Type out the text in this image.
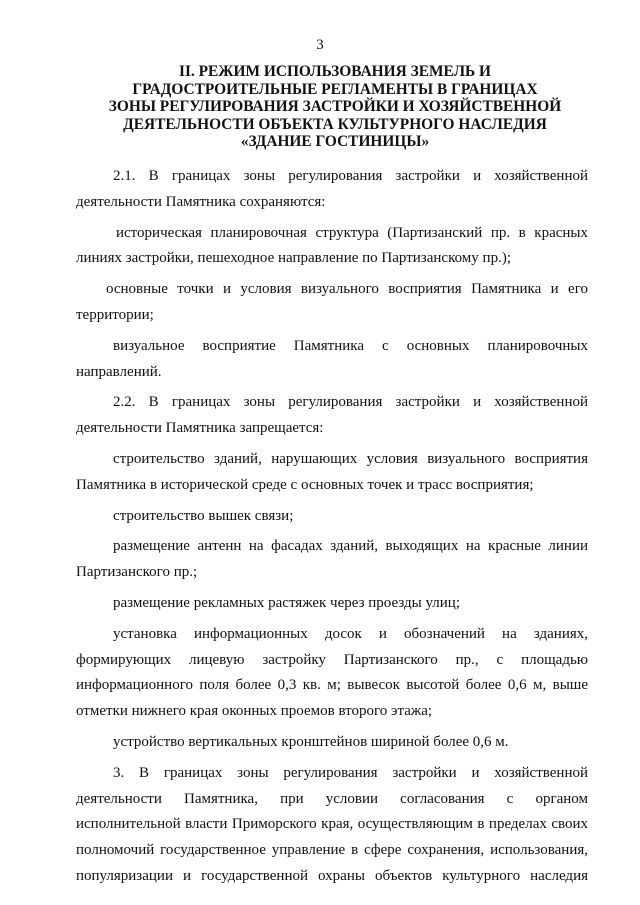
3
II. РЕЖИМ ИСПОЛЬЗОВАНИЯ ЗЕМЕЛЬ И
ГРАДОСТРОИТЕЛЬНЫЕ РЕГЛАМЕНТЫ В ГРАНИЦАХ
ЗОНЫ РЕГУЛИРОВАНИЯ ЗАСТРОЙКИ И ХОЗЯЙСТВЕННОЙ
ДЕЯТЕЛЬНОСТИ ОБЪЕКТА КУЛЬТУРНОГО НАСЛЕДИЯ
«ЗДАНИЕ ГОСТИНИЦЫ»
2.1. В границах зоны регулирования застройки и хозяйственной
деятельности Памятника сохраняются:
историческая планировочная структура (Партизанский пр. в красных
линиях застройки, пешеходное направление по Партизанскому пр.);
основные точки и условия визуального восприятия Памятника и его
территории;
визуальное восприятие Памятника с основных планировочных
направлений.
2.2. В границах зоны регулирования застройки и хозяйственной
деятельности Памятника запрещается:
строительство зданий, нарушающих условия визуального восприятия
Памятника в исторической среде с основных точек и трасс восприятия;
строительство вышек связи;
размещение антенн на фасадах зданий, выходящих на красные линии
Партизанского пр.;
размещение рекламных растяжек через проезды улиц;
установка информационных досок и обозначений на зданиях,
формирующих лицевую застройку Партизанского пр., с площадью
информационного поля более 0,3 кв. м; вывесок высотой более 0,6 м, выше
отметки нижнего края оконных проемов второго этажа;
устройство вертикальных кронштейнов шириной более 0,6 м.
3. В границах зоны регулирования застройки и хозяйственной
деятельности Памятника, при условии согласования с органом
исполнительной власти Приморского края, осуществляющим в пределах своих
полномочий государственное управление в сфере сохранения, использования,
популяризации и государственной охраны объектов культурного наследия
